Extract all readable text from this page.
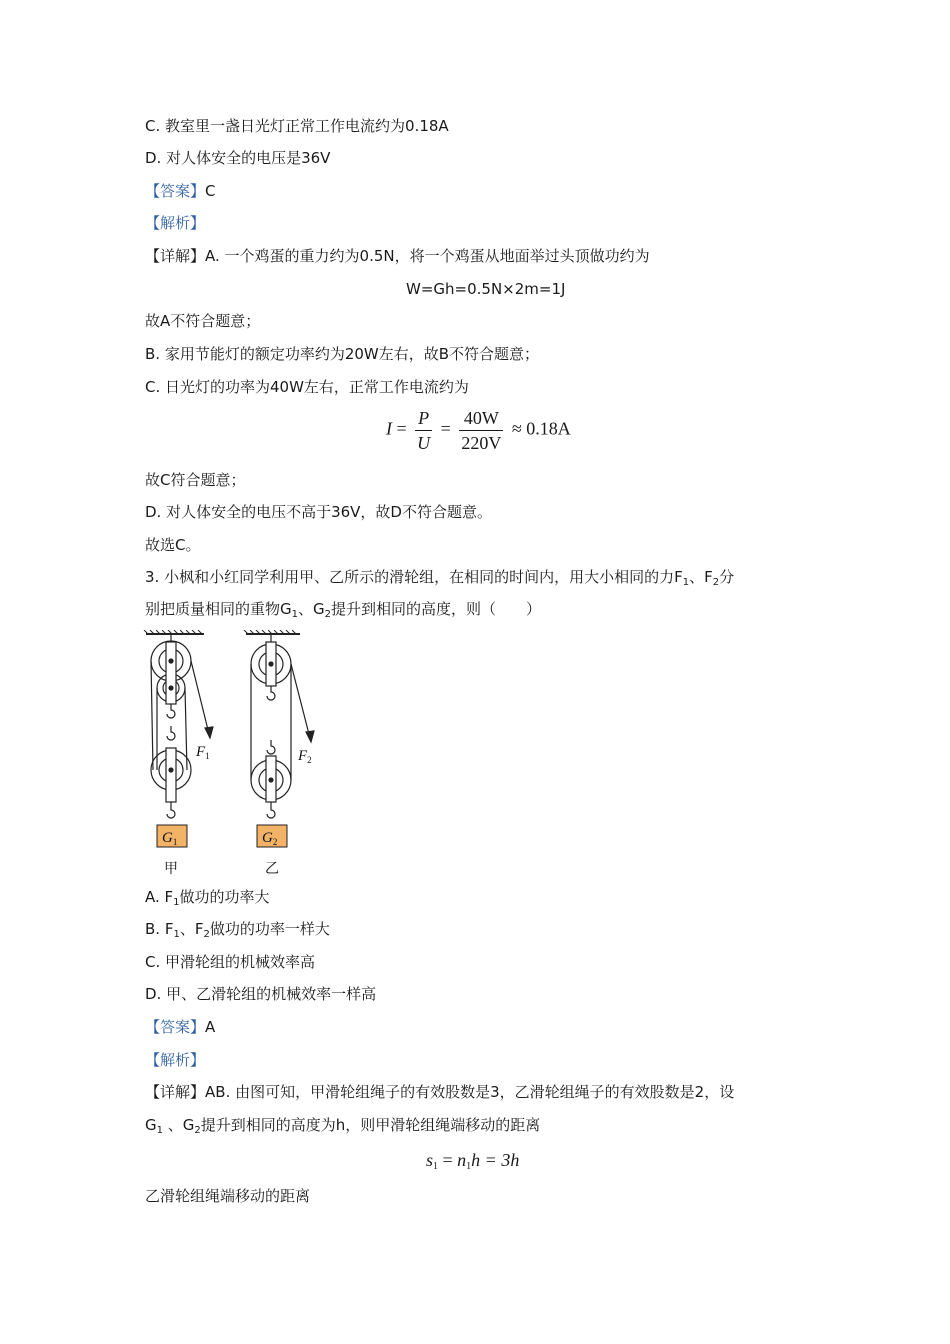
C. 教室里一盏日光灯正常工作电流约为0.18A
D. 对人体安全的电压是36V
【答案】C
【解析】
【详解】A. 一个鸡蛋的重力约为0.5N，将一个鸡蛋从地面举过头顶做功约为
W=Gh=0.5N×2m=1J
故A不符合题意；
B. 家用节能灯的额定功率约为20W左右，故B不符合题意；
C. 日光灯的功率为40W左右，正常工作电流约为
$I = \frac{P}{U} = \frac{40W}{220V} \approx 0.18A$
故C符合题意；
D. 对人体安全的电压不高于36V，故D不符合题意。
故选C。
3. 小枫和小红同学利用甲、乙所示的滑轮组，在相同的时间内，用大小相同的力$F_1$、$F_2$分
别把质量相同的重物$G_1$、$G_2$提升到相同的高度，则（　　）
$G_1$
$F_1$
甲
$G_2$
$F_2$
乙
A. $F_1$做功的功率大
B. $F_1$、$F_2$做功的功率一样大
C. 甲滑轮组的机械效率高
D. 甲、乙滑轮组的机械效率一样高
【答案】A
【解析】
【详解】AB. 由图可知，甲滑轮组绳子的有效股数是3，乙滑轮组绳子的有效股数是2，设
$G_1$ 、$G_2$提升到相同的高度为h，则甲滑轮组绳端移动的距离
$s_1 = n_1h = 3h$
乙滑轮组绳端移动的距离
